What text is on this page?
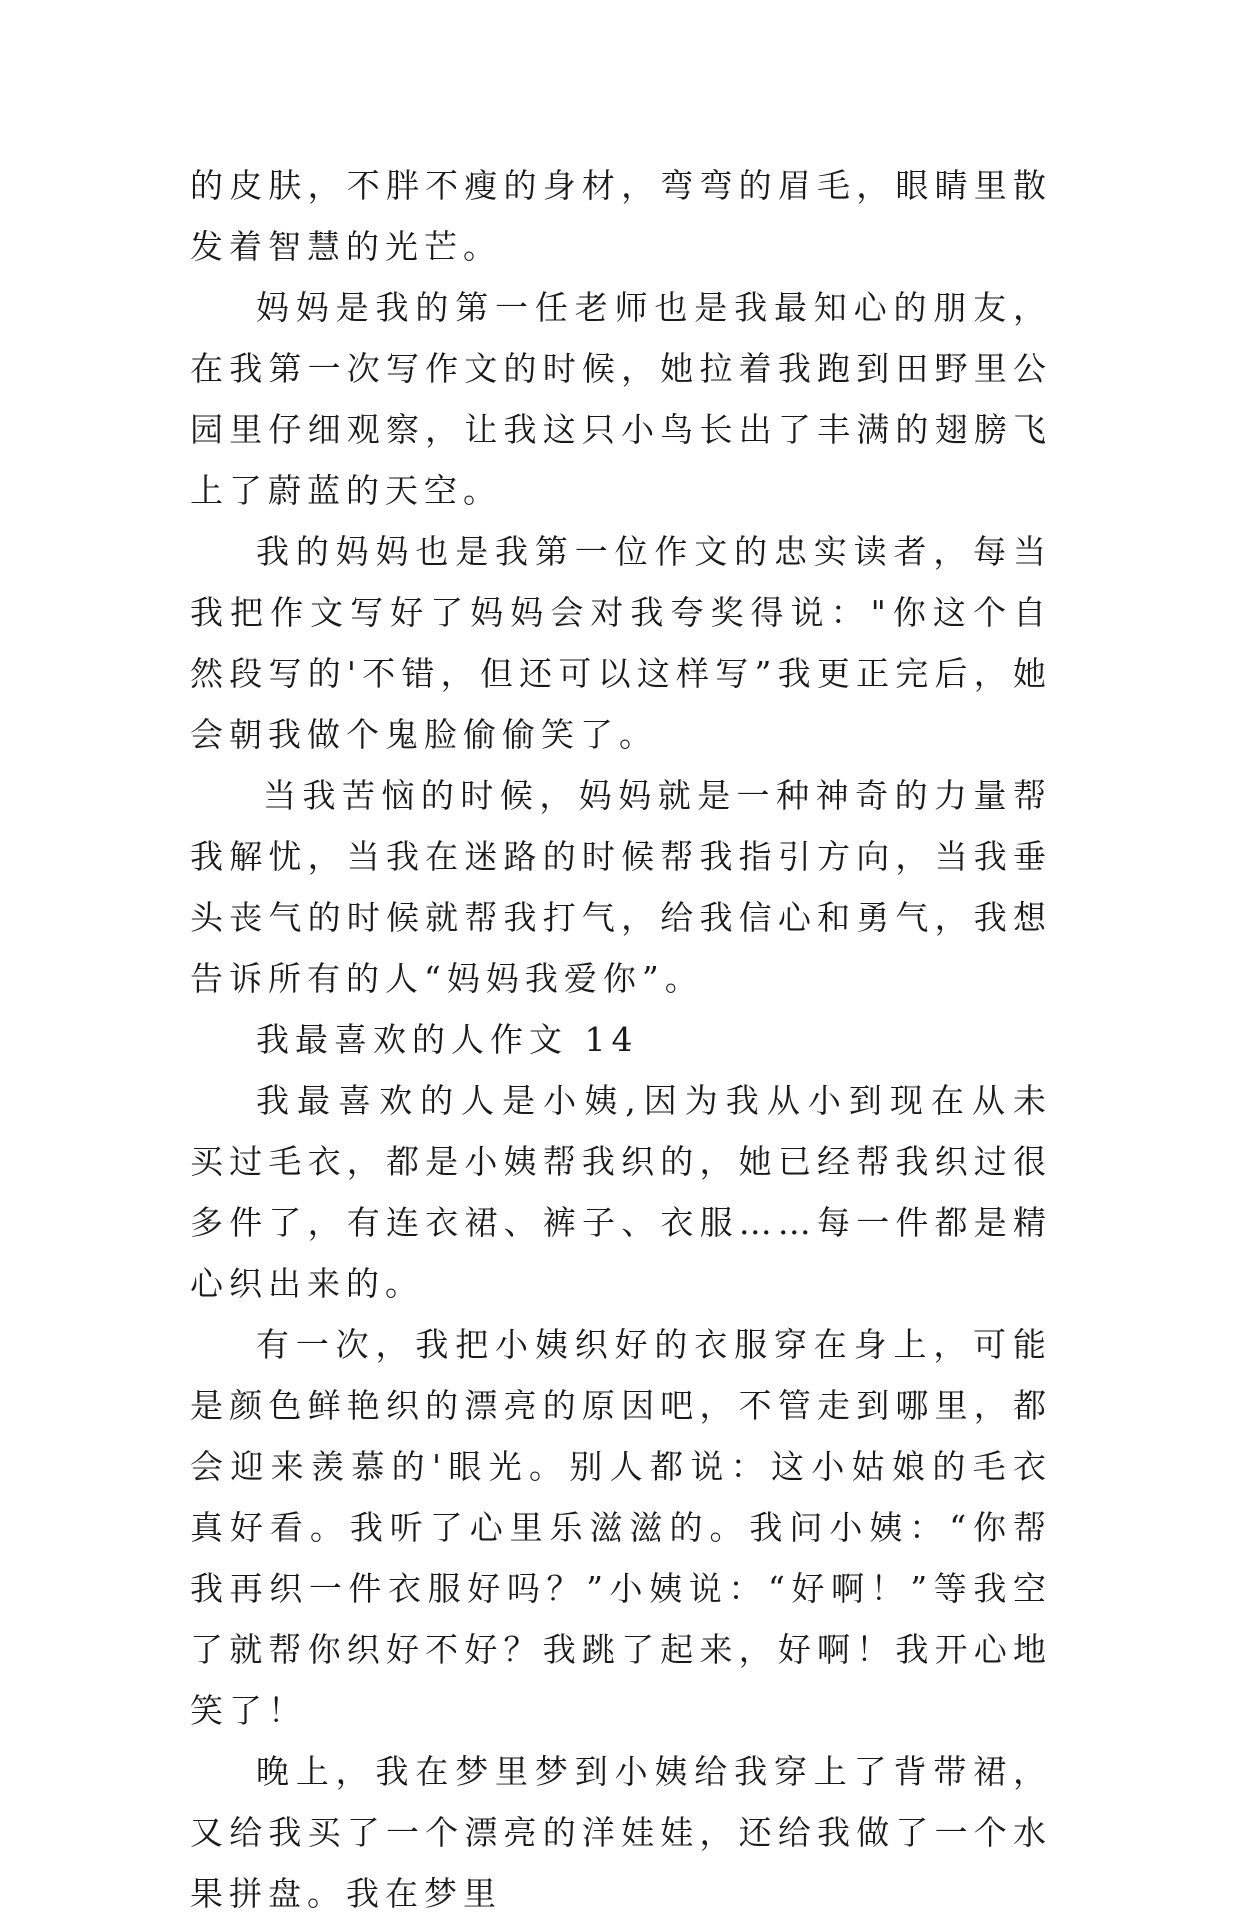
的皮肤，不胖不瘦的身材，弯弯的眉毛，眼睛里散发着智慧的光芒。

妈妈是我的第一任老师也是我最知心的朋友，在我第一次写作文的时候，她拉着我跑到田野里公园里仔细观察，让我这只小鸟长出了丰满的翅膀飞上了蔚蓝的天空。

我的妈妈也是我第一位作文的忠实读者，每当我把作文写好了妈妈会对我夸奖得说："你这个自然段写的'不错，但还可以这样写”我更正完后，她会朝我做个鬼脸偷偷笑了。

当我苦恼的时候，妈妈就是一种神奇的力量帮我解忧，当我在迷路的时候帮我指引方向，当我垂头丧气的时候就帮我打气，给我信心和勇气，我想告诉所有的人“妈妈我爱你”。

我最喜欢的人作文 14

我最喜欢的人是小姨,因为我从小到现在从未买过毛衣，都是小姨帮我织的，她已经帮我织过很多件了，有连衣裙、裤子、衣服……每一件都是精心织出来的。

有一次，我把小姨织好的衣服穿在身上，可能是颜色鲜艳织的漂亮的原因吧，不管走到哪里，都会迎来羡慕的'眼光。别人都说：这小姑娘的毛衣真好看。我听了心里乐滋滋的。我问小姨：“你帮我再织一件衣服好吗？”小姨说：“好啊！”等我空了就帮你织好不好？我跳了起来，好啊！我开心地笑了！

晚上，我在梦里梦到小姨给我穿上了背带裙，又给我买了一个漂亮的洋娃娃，还给我做了一个水果拼盘。我在梦里
